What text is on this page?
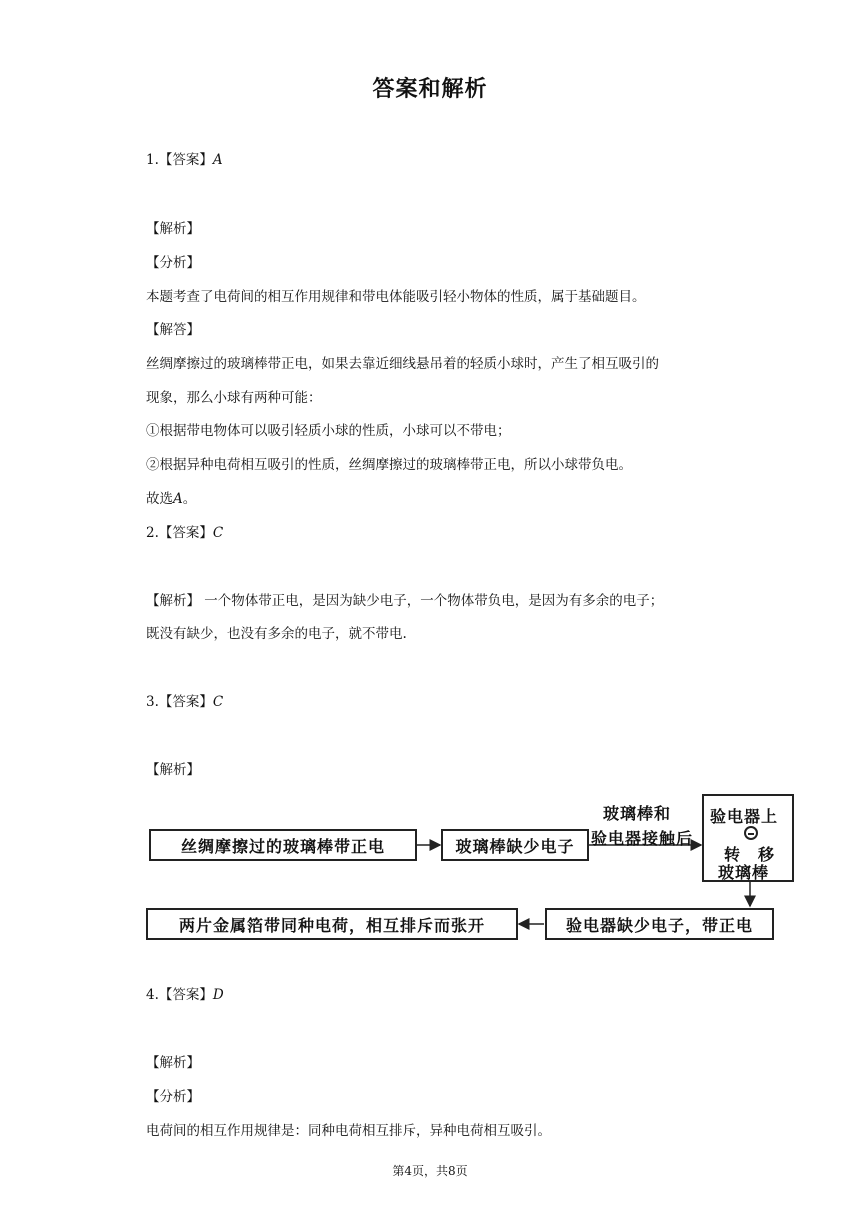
答案和解析
1.【答案】A
【解析】
【分析】
本题考查了电荷间的相互作用规律和带电体能吸引轻小物体的性质，属于基础题目。
【解答】
丝绸摩擦过的玻璃棒带正电，如果去靠近细线悬吊着的轻质小球时，产生了相互吸引的
现象，那么小球有两种可能：
①根据带电物体可以吸引轻质小球的性质，小球可以不带电；
②根据异种电荷相互吸引的性质，丝绸摩擦过的玻璃棒带正电，所以小球带负电。
故选A。
2.【答案】C
【解析】 一个物体带正电，是因为缺少电子，一个物体带负电，是因为有多余的电子；
既没有缺少，也没有多余的电子，就不带电.
3.【答案】C
【解析】
丝绸摩擦过的玻璃棒带正电	玻璃棒缺少电子
玻璃棒和
验电器接触后
验电器上
转 移
玻璃棒
验电器缺少电子，带正电
两片金属箔带同种电荷，相互排斥而张开
4.【答案】D
【解析】
【分析】
电荷间的相互作用规律是：同种电荷相互排斥，异种电荷相互吸引。
第4页，共8页
